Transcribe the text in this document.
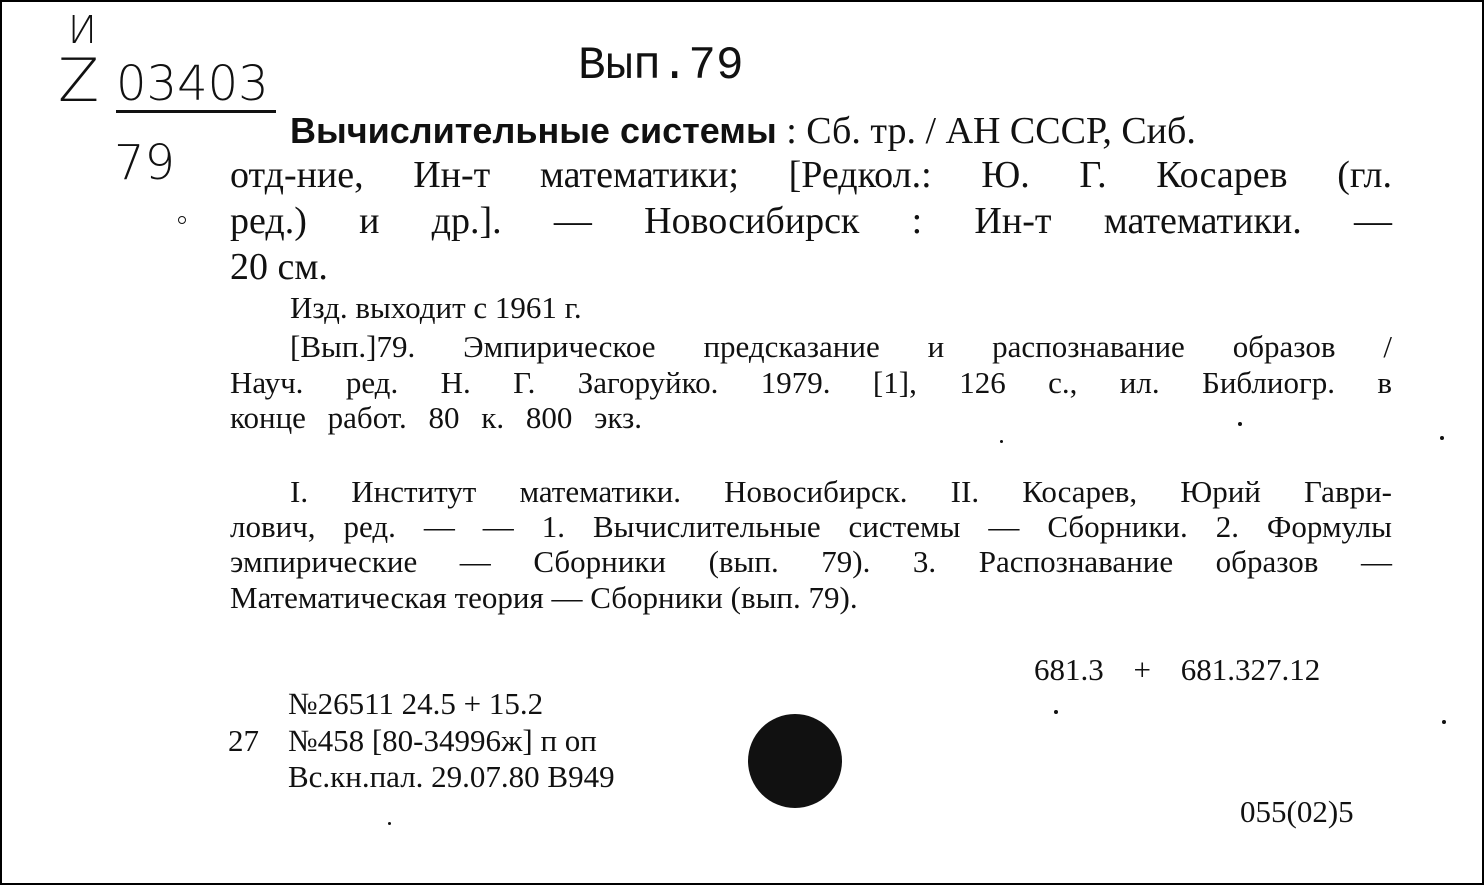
И
Z 03403
79
Вып.79
Вычислительные системы : Сб. тр. / АН СССР, Сиб.
отд-ние, Ин-т математики; [Редкол.: Ю. Г. Косарев (гл.
ред.) и др.]. — Новосибирск : Ин-т математики. —
20 см.
Изд. выходит с 1961 г.
[Вып.]79. Эмпирическое предсказание и распознавание образов /
Науч. ред. Н. Г. Загоруйко. 1979. [1], 126 с., ил. Библиогр. в
конце работ. 80 к. 800 экз.
I. Институт математики. Новосибирск. II. Косарев, Юрий Гаври-
лович, ред. — — 1. Вычислительные системы — Сборники. 2. Формулы
эмпирические — Сборники (вып. 79). 3. Распознавание образов —
Математическая теория — Сборники (вып. 79).
681.3 + 681.327.12
055(02)5
№26511 24.5 + 15.2
27 №458 [80-34996ж] п оп
Вс.кн.пал. 29.07.80 В949
